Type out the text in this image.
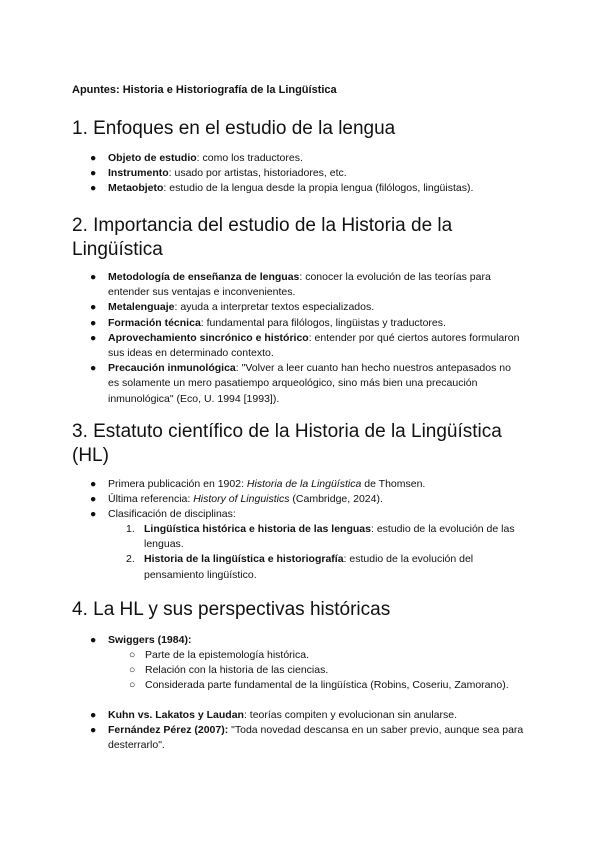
Apuntes: Historia e Historiografía de la Lingüística
1. Enfoques en el estudio de la lengua
● Objeto de estudio: como los traductores.
● Instrumento: usado por artistas, historiadores, etc.
● Metaobjeto: estudio de la lengua desde la propia lengua (filólogos, lingüistas).
2. Importancia del estudio de la Historia de la Lingüística
● Metodología de enseñanza de lenguas: conocer la evolución de las teorías para entender sus ventajas e inconvenientes.
● Metalenguaje: ayuda a interpretar textos especializados.
● Formación técnica: fundamental para filólogos, lingüistas y traductores.
● Aprovechamiento sincrónico e histórico: entender por qué ciertos autores formularon sus ideas en determinado contexto.
● Precaución inmunológica: "Volver a leer cuanto han hecho nuestros antepasados no es solamente un mero pasatiempo arqueológico, sino más bien una precaución inmunológica" (Eco, U. 1994 [1993]).
3. Estatuto científico de la Historia de la Lingüística (HL)
● Primera publicación en 1902: Historia de la Lingüística de Thomsen.
● Última referencia: History of Linguistics (Cambridge, 2024).
● Clasificación de disciplinas:
1. Lingüística histórica e historia de las lenguas: estudio de la evolución de las lenguas.
2. Historia de la lingüística e historiografía: estudio de la evolución del pensamiento lingüístico.
4. La HL y sus perspectivas históricas
● Swiggers (1984):
○ Parte de la epistemología histórica.
○ Relación con la historia de las ciencias.
○ Considerada parte fundamental de la lingüística (Robins, Coseriu, Zamorano).
● Kuhn vs. Lakatos y Laudan: teorías compiten y evolucionan sin anularse.
● Fernández Pérez (2007): "Toda novedad descansa en un saber previo, aunque sea para desterrarlo".
